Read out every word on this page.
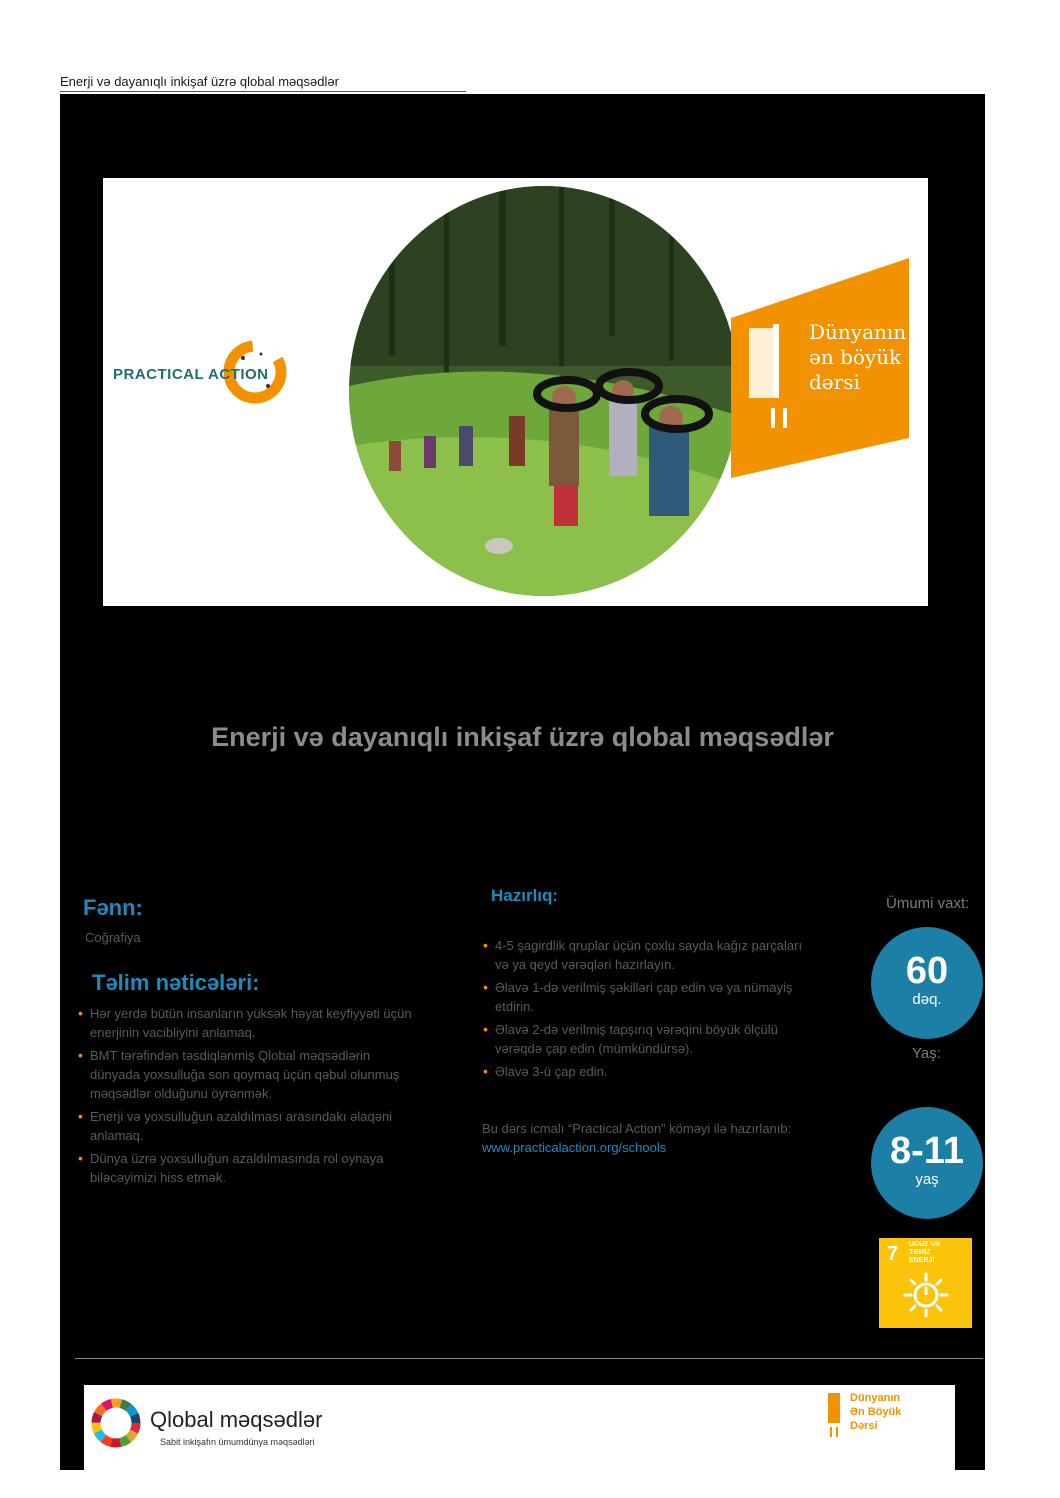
Enerji və dayanıqlı inkişaf üzrə qlobal məqsədlər
PRACTICAL ACTION
Dünyanın
ən böyük
dərsi
Enerji və dayanıqlı inkişaf üzrə qlobal məqsədlər
Fənn:
Coğrafiya
Təlim nəticələri:
• Hər yerdə bütün insanların yüksək həyat keyfiyyəti üçün enerjinin vacibliyini anlamaq.
• BMT tərəfindən təsdiqlənmiş Qlobal məqsədlərin dünyada yoxsulluğa son qoymaq üçün qəbul olunmuş məqsədlər olduğunu öyrənmək.
• Enerji və yoxsulluğun azaldılması arasındakı əlaqəni anlamaq.
• Dünya üzrə yoxsulluğun azaldılmasında rol oynaya biləcəyimizi hiss etmək.
Hazırlıq:
• 4-5 şagirdlik qruplar üçün çoxlu sayda kağız parçaları və ya qeyd vərəqləri hazırlayın.
• Əlavə 1-də verilmiş şəkilləri çap edin və ya nümayiş etdirin.
• Əlavə 2-də verilmiş tapşırıq vərəqini böyük ölçülü vərəqdə çap edin (mümkündürsə).
• Əlavə 3-ü çap edin.
Bu dərs icmalı “Practical Action” köməyi ilə hazırlanıb: www.practicalaction.org/schools
Ümumi vaxt:
60
dəq.
Yaş:
8-11
yaş
7 UCUZ VƏ
TƏMİZ
ENERJİ
Qlobal məqsədlər
Sabit inkişafın ümumdünya məqsədləri
Dünyanın
Ən Böyük
Dərsi
